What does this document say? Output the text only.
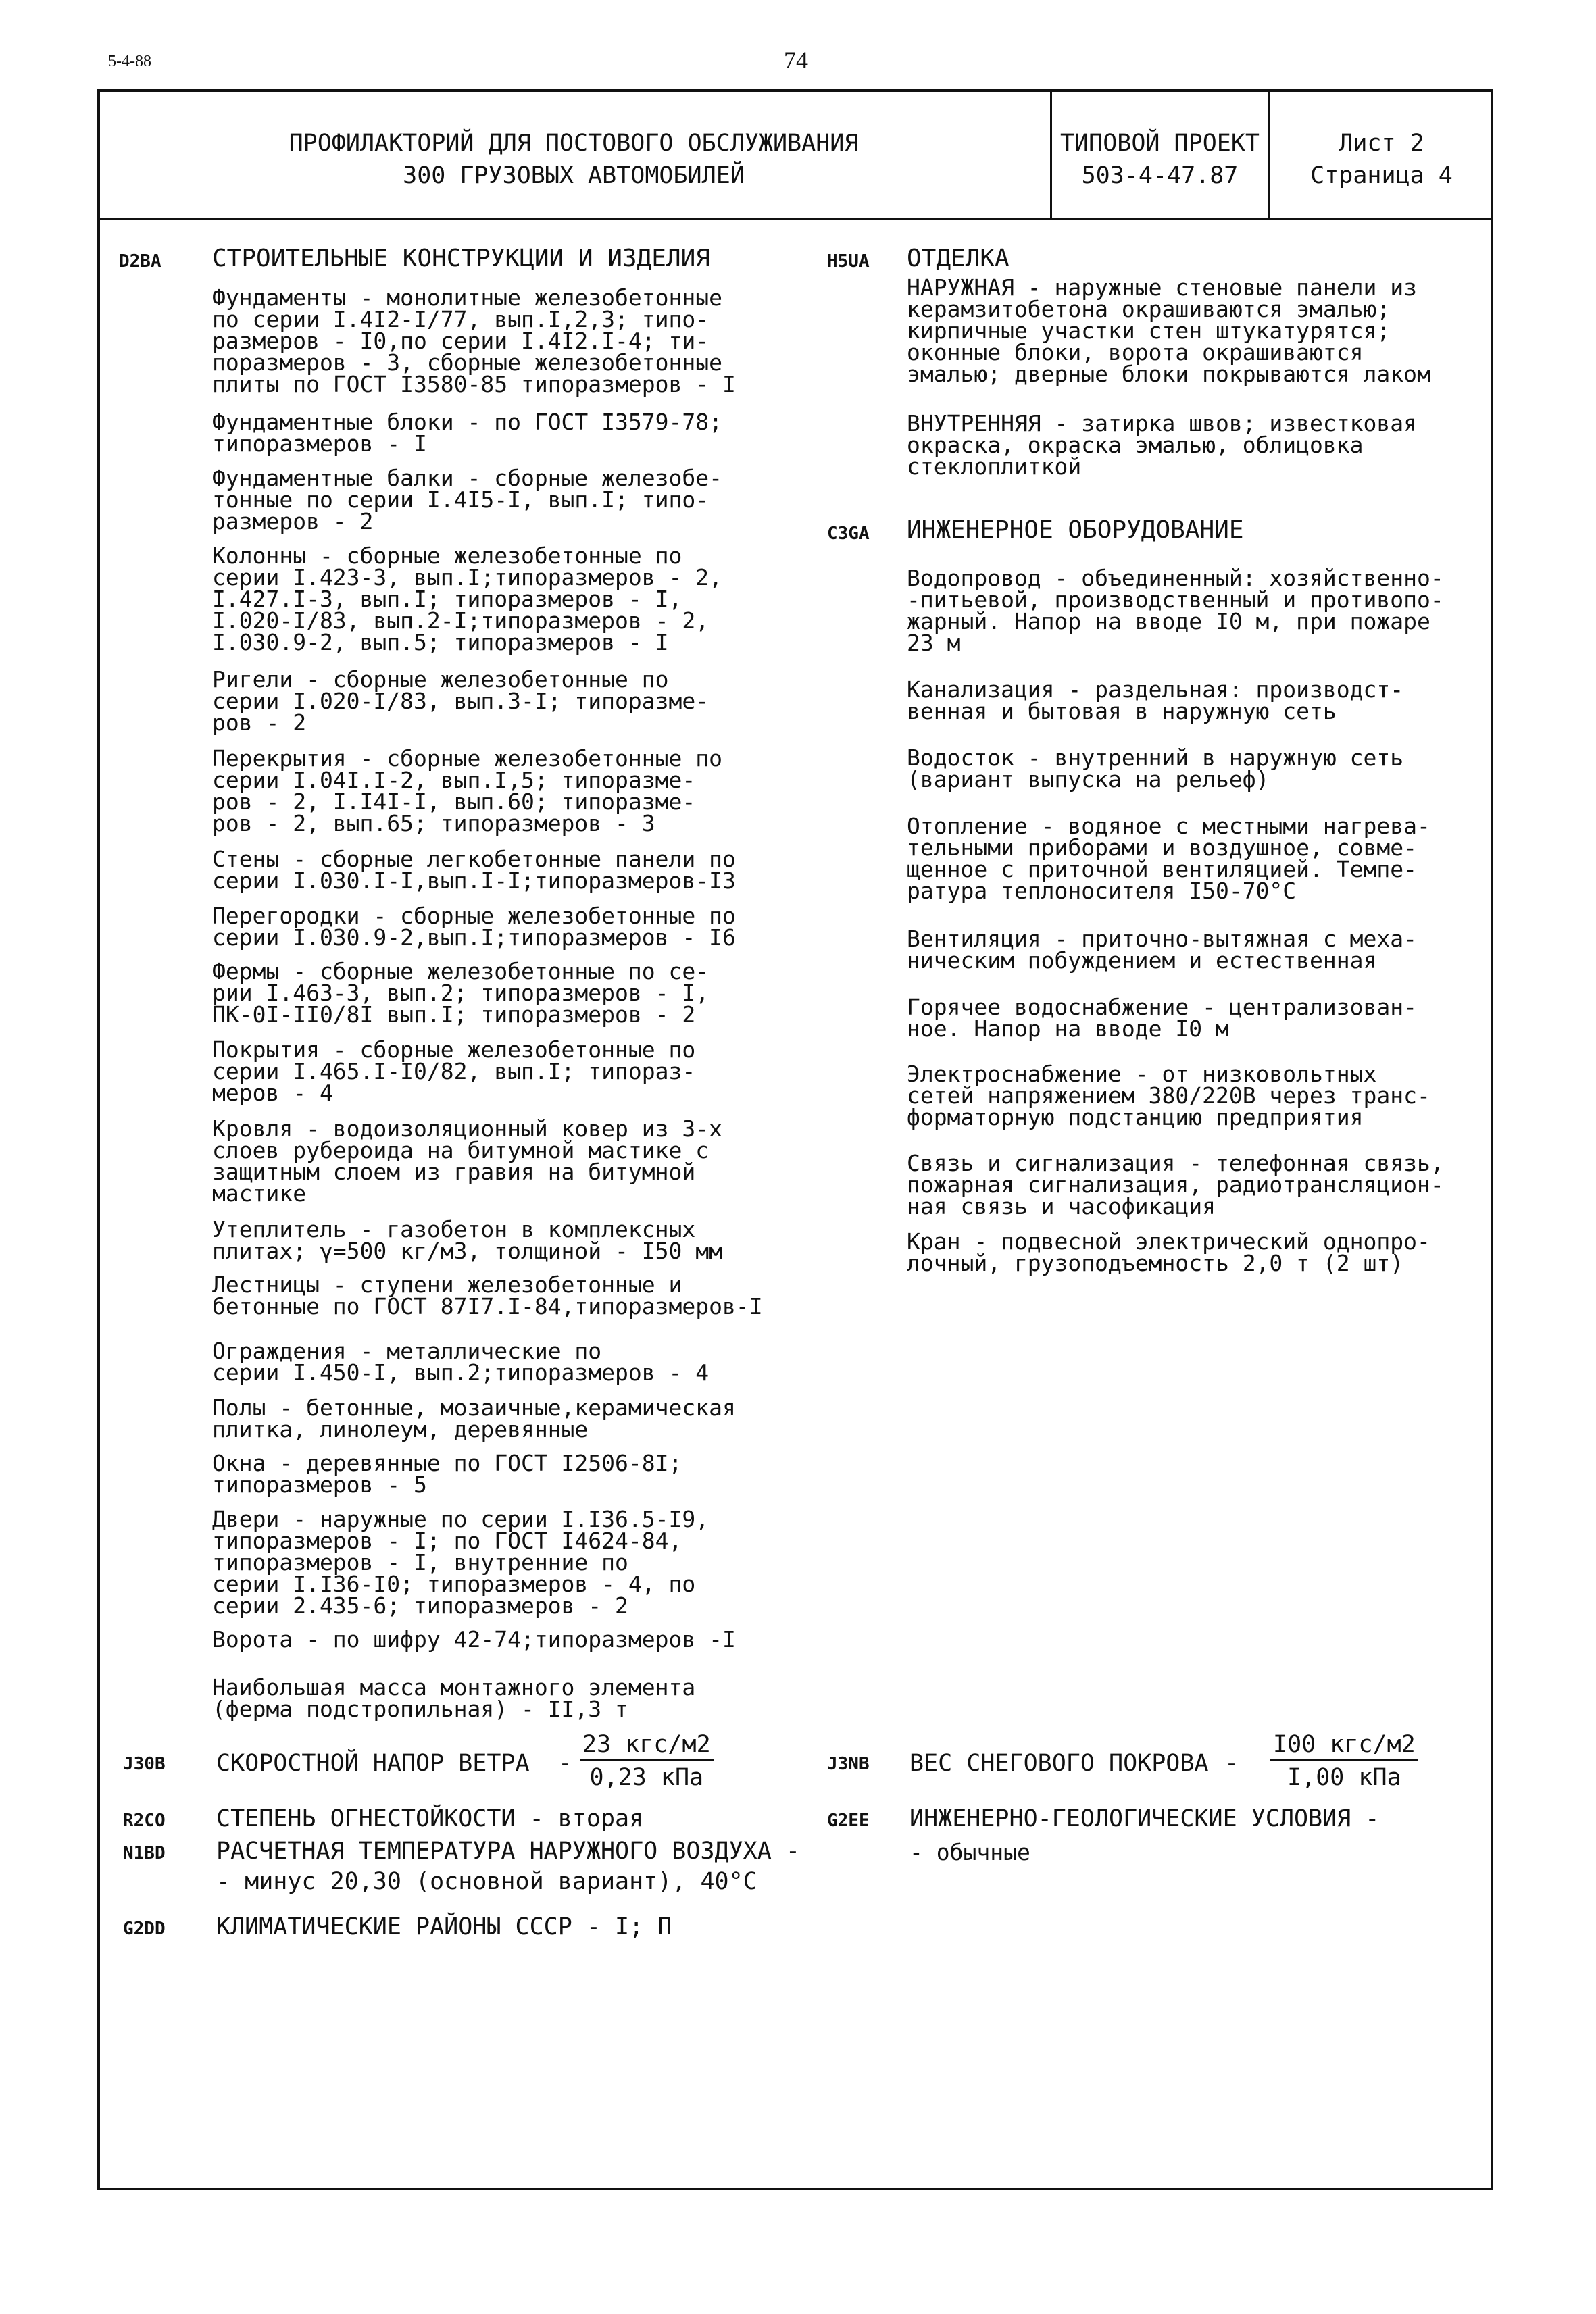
5-4-88	74
ПРОФИЛАКТОРИЙ ДЛЯ ПОСТОВОГО ОБСЛУЖИВАНИЯ
300 ГРУЗОВЫХ АВТОМОБИЛЕЙ
ТИПОВОЙ ПРОЕКТ
503-4-47.87
Лист 2
Страница 4
D2BA СТРОИТЕЛЬНЫЕ КОНСТРУКЦИИ И ИЗДЕЛИЯ
Фундаменты - монолитные железобетонные
по серии I.4I2-I/77, вып.I,2,3; типо-
размеров - I0,по серии I.4I2.I-4; ти-
поразмеров - 3, сборные железобетонные
плиты по ГОСТ I3580-85 типоразмеров - I
Фундаментные блоки - по ГОСТ I3579-78;
типоразмеров - I
Фундаментные балки - сборные железобе-
тонные по серии I.4I5-I, вып.I; типо-
размеров - 2
Колонны - сборные железобетонные по
серии I.423-3, вып.I;типоразмеров - 2,
I.427.I-3, вып.I; типоразмеров - I,
I.020-I/83, вып.2-I;типоразмеров - 2,
I.030.9-2, вып.5; типоразмеров - I
Ригели - сборные железобетонные по
серии I.020-I/83, вып.3-I; типоразме-
ров - 2
Перекрытия - сборные железобетонные по
серии I.04I.I-2, вып.I,5; типоразме-
ров - 2, I.I4I-I, вып.60; типоразме-
ров - 2, вып.65; типоразмеров - 3
Стены - сборные легкобетонные панели по
серии I.030.I-I,вып.I-I;типоразмеров-I3
Перегородки - сборные железобетонные по
серии I.030.9-2,вып.I;типоразмеров - I6
Фермы - сборные железобетонные по се-
рии I.463-3, вып.2; типоразмеров - I,
ПК-0I-II0/8I вып.I; типоразмеров - 2
Покрытия - сборные железобетонные по
серии I.465.I-I0/82, вып.I; типораз-
меров - 4
Кровля - водоизоляционный ковер из 3-х
слоев рубероида на битумной мастике с
защитным слоем из гравия на битумной
мастике
Утеплитель - газобетон в комплексных
плитах; γ=500 кг/м3, толщиной - I50 мм
Лестницы - ступени железобетонные и
бетонные по ГОСТ 87I7.I-84,типоразмеров-I
Ограждения - металлические по
серии I.450-I, вып.2;типоразмеров - 4
Полы - бетонные, мозаичные,керамическая
плитка, линолеум, деревянные
Окна - деревянные по ГОСТ I2506-8I;
типоразмеров - 5
Двери - наружные по серии I.I36.5-I9,
типоразмеров - I; по ГОСТ I4624-84,
типоразмеров - I, внутренние по
серии I.I36-I0; типоразмеров - 4, по
серии 2.435-6; типоразмеров - 2
Ворота - по шифру 42-74;типоразмеров -I
Наибольшая масса монтажного элемента
(ферма подстропильная) - II,3 т
H5UA ОТДЕЛКА
НАРУЖНАЯ - наружные стеновые панели из
керамзитобетона окрашиваются эмалью;
кирпичные участки стен штукатурятся;
оконные блоки, ворота окрашиваются
эмалью; дверные блоки покрываются лаком
ВНУТРЕННЯЯ - затирка швов; известковая
окраска, окраска эмалью, облицовка
стеклоплиткой
C3GA ИНЖЕНЕРНОЕ ОБОРУДОВАНИЕ
Водопровод - объединенный: хозяйственно-
-питьевой, производственный и противопо-
жарный. Напор на вводе I0 м, при пожаре
23 м
Канализация - раздельная: производст-
венная и бытовая в наружную сеть
Водосток - внутренний в наружную сеть
(вариант выпуска на рельеф)
Отопление - водяное с местными нагрева-
тельными приборами и воздушное, совме-
щенное с приточной вентиляцией. Темпе-
ратура теплоносителя I50-70°C
Вентиляция - приточно-вытяжная с меха-
ническим побуждением и естественная
Горячее водоснабжение - централизован-
ное. Напор на вводе I0 м
Электроснабжение - от низковольтных
сетей напряжением 380/220В через транс-
форматорную подстанцию предприятия
Связь и сигнализация - телефонная связь,
пожарная сигнализация, радиотрансляцион-
ная связь и часофикация
Кран - подвесной электрический однопро-
лочный, грузоподъемность 2,0 т (2 шт)
J30B СКОРОСТНОЙ НАПОР ВЕТРА -
23 кгс/м2
0,23 кПа	J3NB ВЕС СНЕГОВОГО ПОКРОВА -
I00 кгс/м2
I,00 кПа
R2CO СТЕПЕНЬ ОГНЕСТОЙКОСТИ - вторая	G2EE ИНЖЕНЕРНО-ГЕОЛОГИЧЕСКИЕ УСЛОВИЯ -
- обычные
N1BD РАСЧЕТНАЯ ТЕМПЕРАТУРА НАРУЖНОГО ВОЗДУХА -
- минус 20,30 (основной вариант), 40°C
G2DD КЛИМАТИЧЕСКИЕ РАЙОНЫ СССР - I; П
